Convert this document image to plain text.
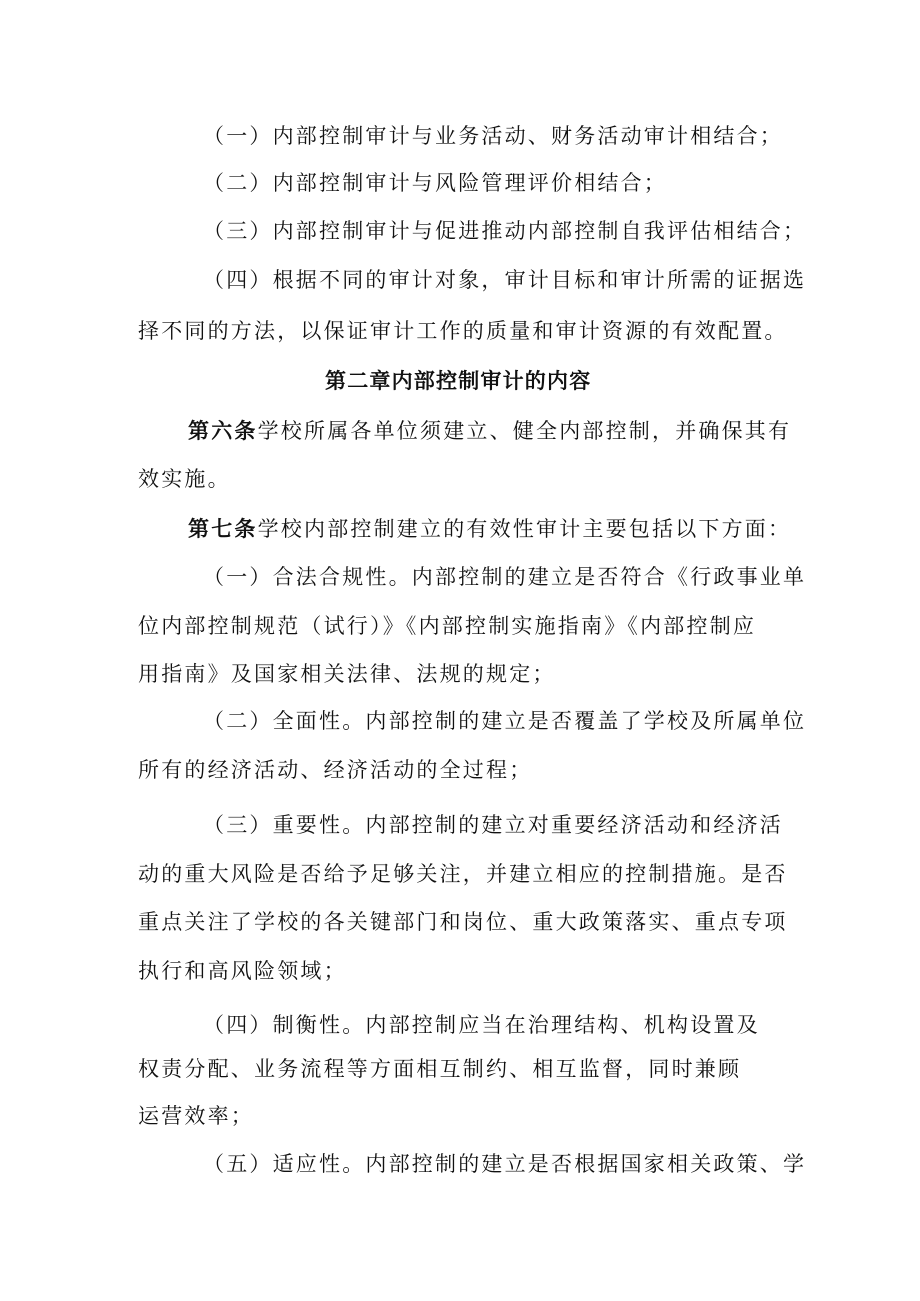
（一）内部控制审计与业务活动、财务活动审计相结合；
（二）内部控制审计与风险管理评价相结合；
（三）内部控制审计与促进推动内部控制自我评估相结合；
（四）根据不同的审计对象，审计目标和审计所需的证据选
择不同的方法，以保证审计工作的质量和审计资源的有效配置。
第二章内部控制审计的内容
第六条学校所属各单位须建立、健全内部控制，并确保其有
效实施。
第七条学校内部控制建立的有效性审计主要包括以下方面：
（一）合法合规性。内部控制的建立是否符合《行政事业单
位内部控制规范（试行）》《内部控制实施指南》《内部控制应
用指南》及国家相关法律、法规的规定；
（二）全面性。内部控制的建立是否覆盖了学校及所属单位
所有的经济活动、经济活动的全过程；
（三）重要性。内部控制的建立对重要经济活动和经济活
动的重大风险是否给予足够关注，并建立相应的控制措施。是否
重点关注了学校的各关键部门和岗位、重大政策落实、重点专项
执行和高风险领域；
（四）制衡性。内部控制应当在治理结构、机构设置及
权责分配、业务流程等方面相互制约、相互监督，同时兼顾
运营效率；
（五）适应性。内部控制的建立是否根据国家相关政策、学
